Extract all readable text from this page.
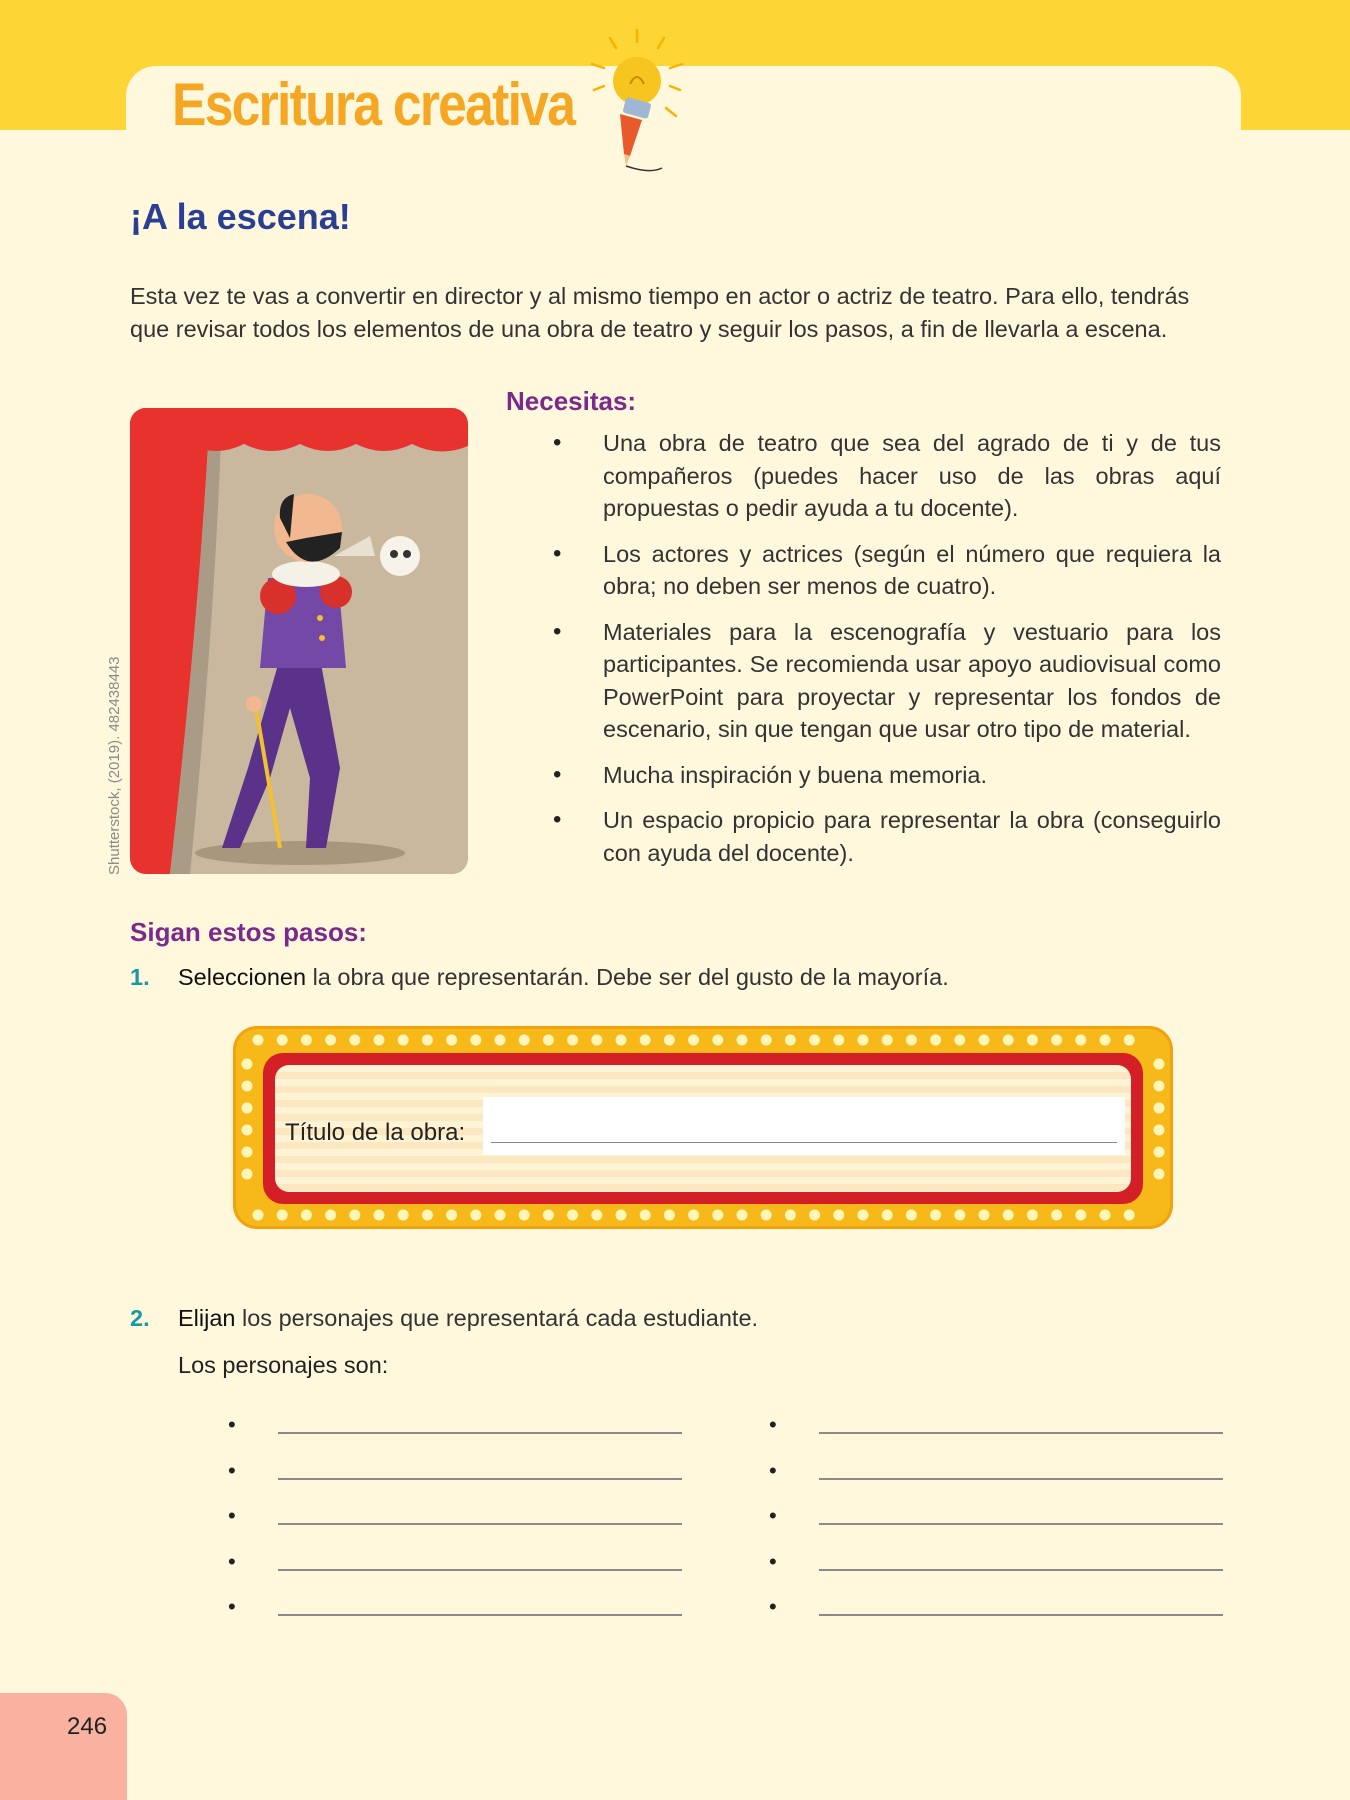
Escritura creativa
¡A la escena!

Esta vez te vas a convertir en director y al mismo tiempo en actor o actriz de teatro. Para ello, tendrás que revisar todos los elementos de una obra de teatro y seguir los pasos, a fin de llevarla a escena.

Shutterstock, (2019). 482438443
Necesitas:
• Una obra de teatro que sea del agrado de ti y de tus compañeros (puedes hacer uso de las obras aquí propuestas o pedir ayuda a tu docente).
• Los actores y actrices (según el número que requiera la obra; no deben ser menos de cuatro).
• Materiales para la escenografía y vestuario para los participantes. Se recomienda usar apoyo audiovisual como PowerPoint para proyectar y representar los fondos de escenario, sin que tengan que usar otro tipo de material.
• Mucha inspiración y buena memoria.
• Un espacio propicio para representar la obra (conseguirlo con ayuda del docente).
Sigan estos pasos:
1. Seleccionen la obra que representarán. Debe ser del gusto de la mayoría.
Título de la obra:
2. Elijan los personajes que representará cada estudiante.
Los personajes son:
•
•
•
•
•
•
•
•
•
•
246
